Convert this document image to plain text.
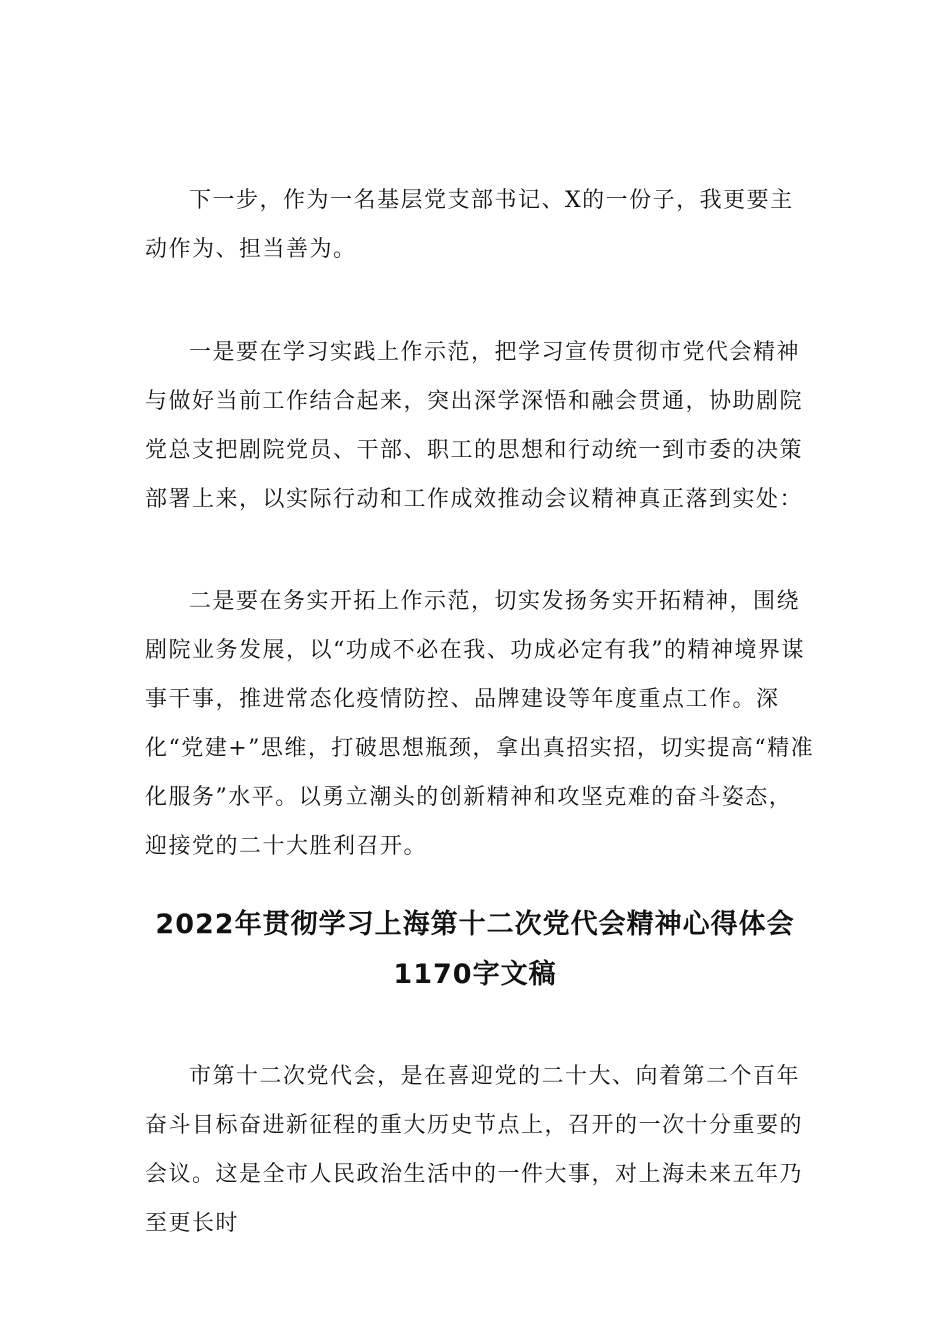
下一步，作为一名基层党支部书记、X的一份子，我更要主动作为、担当善为。

一是要在学习实践上作示范，把学习宣传贯彻市党代会精神与做好当前工作结合起来，突出深学深悟和融会贯通，协助剧院党总支把剧院党员、干部、职工的思想和行动统一到市委的决策部署上来，以实际行动和工作成效推动会议精神真正落到实处：

二是要在务实开拓上作示范，切实发扬务实开拓精神，围绕剧院业务发展，以“功成不必在我、功成必定有我”的精神境界谋事干事，推进常态化疫情防控、品牌建设等年度重点工作。深化“党建+”思维，打破思想瓶颈，拿出真招实招，切实提高“精准化服务”水平。以勇立潮头的创新精神和攻坚克难的奋斗姿态，迎接党的二十大胜利召开。

2022年贯彻学习上海第十二次党代会精神心得体会
1170字文稿

市第十二次党代会，是在喜迎党的二十大、向着第二个百年奋斗目标奋进新征程的重大历史节点上，召开的一次十分重要的会议。这是全市人民政治生活中的一件大事，对上海未来五年乃至更长时
